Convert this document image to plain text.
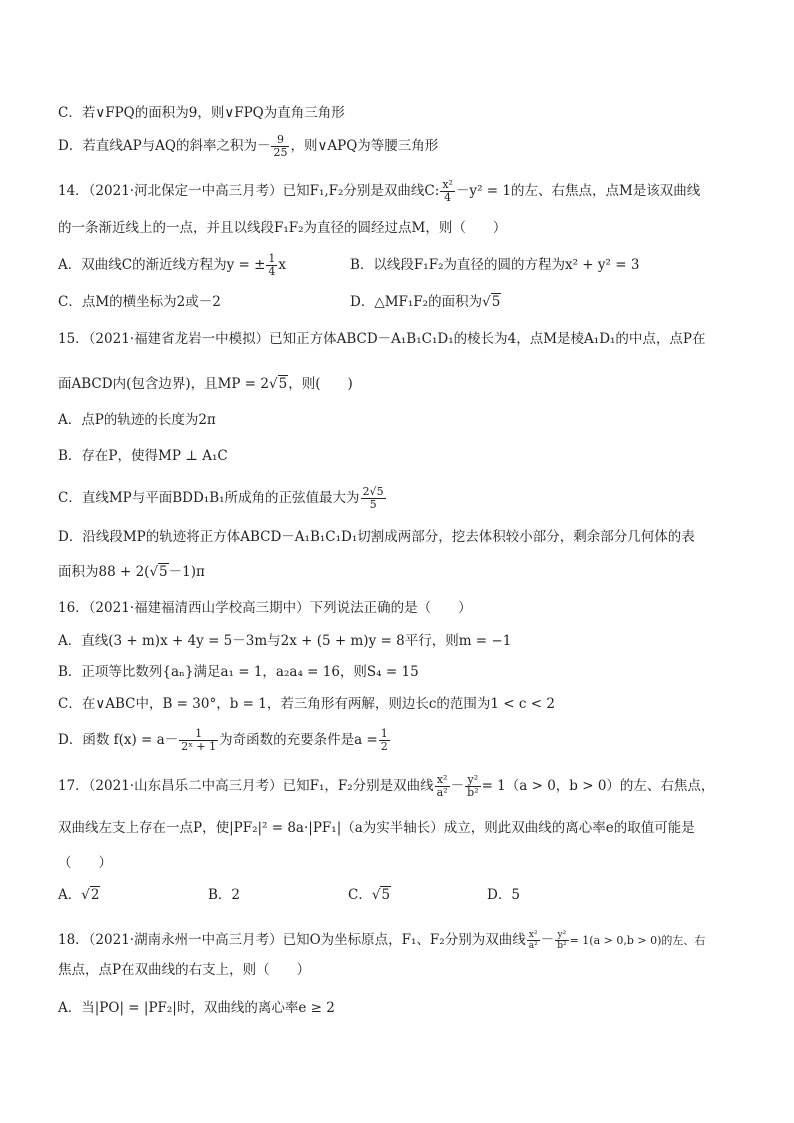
C．若∨FPQ的面积为9，则∨FPQ为直角三角形
D．若直线AP与AQ的斜率之积为－ $\frac{9}{25}$ ，则∨APQ为等腰三角形
14．（2021·河北保定一中高三月考）已知F₁,F₂分别是双曲线C: $\frac{\text{x²}}{4} -y^2 = 1$的左、右焦点，点M是该双曲线
的一条渐近线上的一点，并且以线段F₁F₂为直径的圆经过点M，则（　　）
A．双曲线C的渐近线方程为y = ± $\frac{1}{4}$ x	B．以线段F₁F₂为直径的圆的方程为x² + y² = 3
C．点M的横坐标为2或－2	D．△MF₁F₂的面积为√5
15．（2021·福建省龙岩一中模拟）已知正方体ABCD－A₁B₁C₁D₁的棱长为4，点M是棱A₁D₁的中点，点P在
面ABCD内(包含边界)，且MP = 2√5，则(　　)
A．点P的轨迹的长度为2π
B．存在P，使得MP ⊥ A₁C
C．直线MP与平面BDD₁B₁所成角的正弦值最大为 $\frac{2√5}{5}$
D．沿线段MP的轨迹将正方体ABCD－A₁B₁C₁D₁切割成两部分，挖去体积较小部分，剩余部分几何体的表
面积为88 + 2(√5－1)π
16．（2021·福建福清西山学校高三期中）下列说法正确的是（　　）
A．直线(3 + m)x + 4y = 5－3m与2x + (5 + m)y = 8平行，则m = −1
B．正项等比数列{aₙ}满足a₁ = 1，a₂a₄ = 16，则S₄ = 15
C．在∨ABC中，B = 30°，b = 1，若三角形有两解，则边长c的范围为1 < c < 2
D．函数 $f(x) = a- \frac{1}{\text{2ˣ + 1}}$ 为奇函数的充要条件是$a = \frac{1}{2}$
17．（2021·山东昌乐二中高三月考）已知F₁，F₂分别是双曲线 $\frac{\text{x²}}{\text{a²}} - \frac{\text{y²}}{\text{b²}} = 1(a > 0$，b > 0）的左、右焦点，
双曲线左支上存在一点P，使|PF₂|² = 8a·|PF₁|（a为实半轴长）成立，则此双曲线的离心率e的取值可能是
（　　）
A．√2	B．2	C．√5	D．5
18．（2021·湖南永州一中高三月考）已知O为坐标原点，F₁、F₂分别为双曲线 $\frac{\text{x²}}{\text{a²}} - \frac{\text{y²}}{\text{b²}} = 1(a > 0,b > 0)$的左、右
焦点，点P在双曲线的右支上，则（　　）
A．当|PO| = |PF₂|时，双曲线的离心率e ≥ 2
